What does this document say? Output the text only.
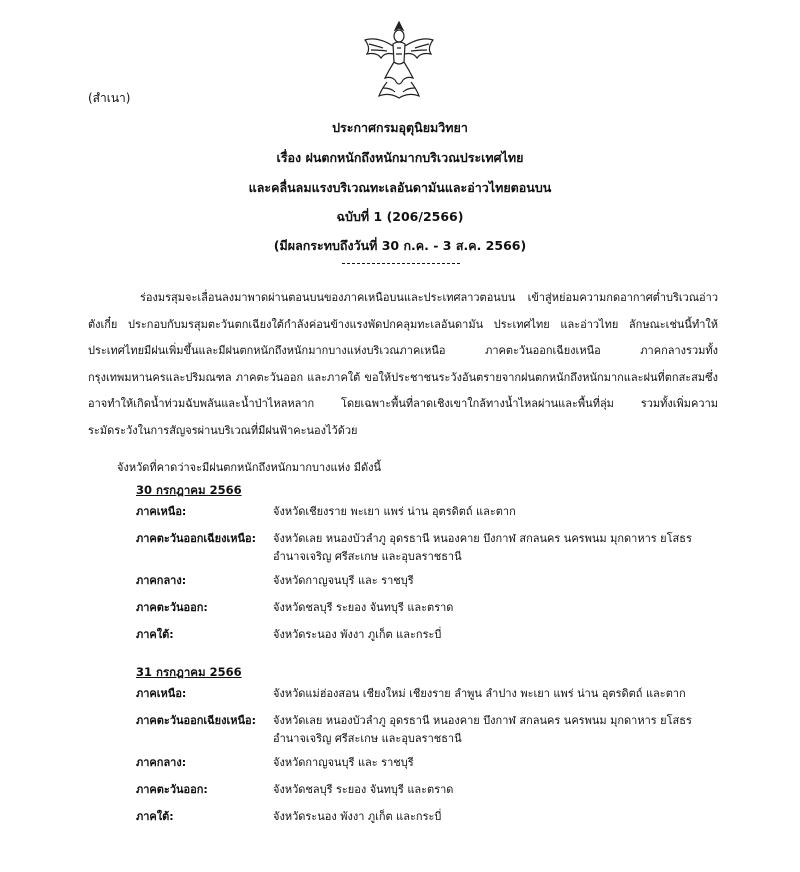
(สำเนา)
ประกาศกรมอุตุนิยมวิทยา
เรื่อง ฝนตกหนักถึงหนักมากบริเวณประเทศไทย
และคลื่นลมแรงบริเวณทะเลอันดามันและอ่าวไทยตอนบน
ฉบับที่ 1 (206/2566)
(มีผลกระทบถึงวันที่ 30 ก.ค. - 3 ส.ค. 2566)

ร่องมรสุมจะเลื่อนลงมาพาดผ่านตอนบนของภาคเหนือบนและประเทศลาวตอนบน เข้าสู่หย่อมความกดอากาศต่ำบริเวณอ่าวตังเกี๋ย ประกอบกับมรสุมตะวันตกเฉียงใต้กำลังค่อนข้างแรงพัดปกคลุมทะเลอันดามัน ประเทศไทย และอ่าวไทย ลักษณะเช่นนี้ทำให้ประเทศไทยมีฝนเพิ่มขึ้นและมีฝนตกหนักถึงหนักมากบางแห่งบริเวณภาคเหนือ ภาคตะวันออกเฉียงเหนือ ภาคกลางรวมทั้งกรุงเทพมหานครและปริมณฑล ภาคตะวันออก และภาคใต้ ขอให้ประชาชนระวังอันตรายจากฝนตกหนักถึงหนักมากและฝนที่ตกสะสมซึ่งอาจทำให้เกิดน้ำท่วมฉับพลันและน้ำป่าไหลหลาก โดยเฉพาะพื้นที่ลาดเชิงเขาใกล้ทางน้ำไหลผ่านและพื้นที่ลุ่ม รวมทั้งเพิ่มความระมัดระวังในการสัญจรผ่านบริเวณที่มีฝนฟ้าคะนองไว้ด้วย

จังหวัดที่คาดว่าจะมีฝนตกหนักถึงหนักมากบางแห่ง มีดังนี้
30 กรกฎาคม 2566
ภาคเหนือ:	จังหวัดเชียงราย พะเยา แพร่ น่าน อุตรดิตถ์ และตาก
ภาคตะวันออกเฉียงเหนือ:	จังหวัดเลย หนองบัวลำภู อุดรธานี หนองคาย บึงกาฬ สกลนคร นครพนม มุกดาหาร ยโสธร อำนาจเจริญ ศรีสะเกษ และอุบลราชธานี
ภาคกลาง:	จังหวัดกาญจนบุรี และ ราชบุรี
ภาคตะวันออก:	จังหวัดชลบุรี ระยอง จันทบุรี และตราด
ภาคใต้:	จังหวัดระนอง พังงา ภูเก็ต และกระบี่
31 กรกฎาคม 2566
ภาคเหนือ:	จังหวัดแม่ฮ่องสอน เชียงใหม่ เชียงราย ลำพูน ลำปาง พะเยา แพร่ น่าน อุตรดิตถ์ และตาก
ภาคตะวันออกเฉียงเหนือ:	จังหวัดเลย หนองบัวลำภู อุดรธานี หนองคาย บึงกาฬ สกลนคร นครพนม มุกดาหาร ยโสธร อำนาจเจริญ ศรีสะเกษ และอุบลราชธานี
ภาคกลาง:	จังหวัดกาญจนบุรี และ ราชบุรี
ภาคตะวันออก:	จังหวัดชลบุรี ระยอง จันทบุรี และตราด
ภาคใต้:	จังหวัดระนอง พังงา ภูเก็ต และกระบี่
